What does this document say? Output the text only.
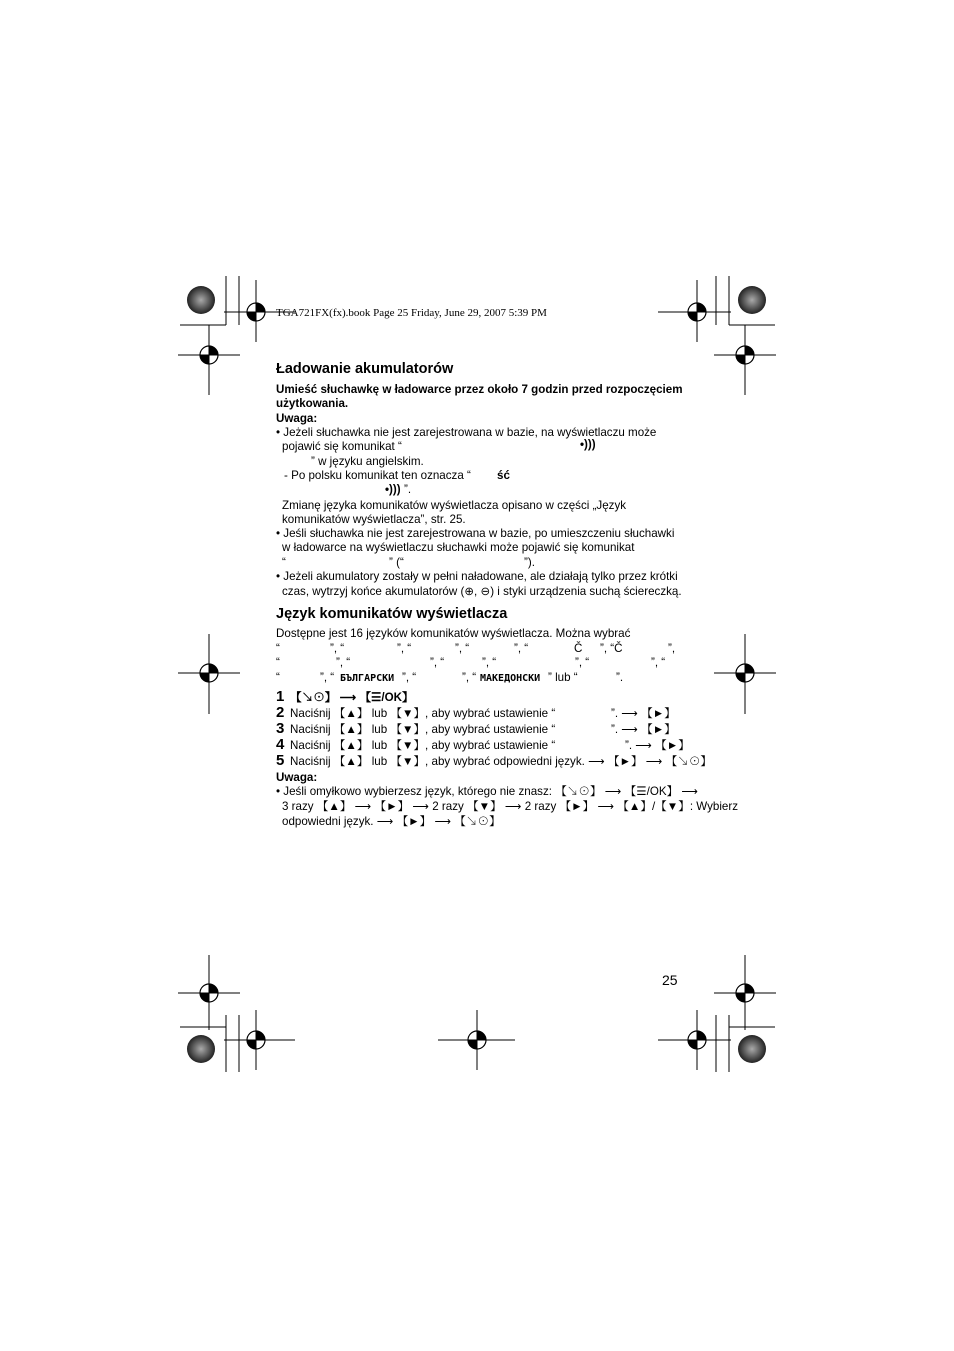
TGA721FX(fx).book Page 25 Friday, June 29, 2007 5:39 PM
Ładowanie akumulatorów
Umieść słuchawkę w ładowarce przez około 7 godzin przed rozpoczęciem
użytkowania.
Uwaga:
• Jeżeli słuchawka nie jest zarejestrowana w bazie, na wyświetlaczu może
pojawić się komunikat “	•)))
” w języku angielskim.
- Po polsku komunikat ten oznacza “ ść
•))) ”.
Zmianę języka komunikatów wyświetlacza opisano w części „Język
komunikatów wyświetlacza”, str. 25.
• Jeśli słuchawka nie jest zarejestrowana w bazie, po umieszczeniu słuchawki
w ładowarce na wyświetlaczu słuchawki może pojawić się komunikat
“	” (“	”).
• Jeżeli akumulatory zostały w pełni naładowane, ale działają tylko przez krótki
czas, wytrzyj końce akumulatorów (⊕, ⊖) i styki urządzenia suchą ściereczką.
Język komunikatów wyświetlacza
Dostępne jest 16 języków komunikatów wyświetlacza. Można wybrać
“	”, “	”, “	”, “	”, “	Č ”, “Č	”,
“	”, “	”, “	”, “	”, “	”, “
“	”, “ БЪЛГАРСКИ ”, “	”, “ МАКЕДОНСКИ ” lub “	”.
1 【↘⊙】 ⟶ 【☰/OK】
2 Naciśnij 【▲】 lub 【▼】, aby wybrać ustawienie “	”. ⟶ 【►】
3 Naciśnij 【▲】 lub 【▼】, aby wybrać ustawienie “	”. ⟶ 【►】
4 Naciśnij 【▲】 lub 【▼】, aby wybrać ustawienie “	”. ⟶ 【►】
5 Naciśnij 【▲】 lub 【▼】, aby wybrać odpowiedni język. ⟶ 【►】 ⟶ 【↘⊙】
Uwaga:
• Jeśli omyłkowo wybierzesz język, którego nie znasz: 【↘⊙】 ⟶ 【☰/OK】 ⟶
3 razy 【▲】 ⟶ 【►】 ⟶ 2 razy 【▼】 ⟶ 2 razy 【►】 ⟶ 【▲】/【▼】: Wybierz
odpowiedni język. ⟶ 【►】 ⟶ 【↘⊙】
25
